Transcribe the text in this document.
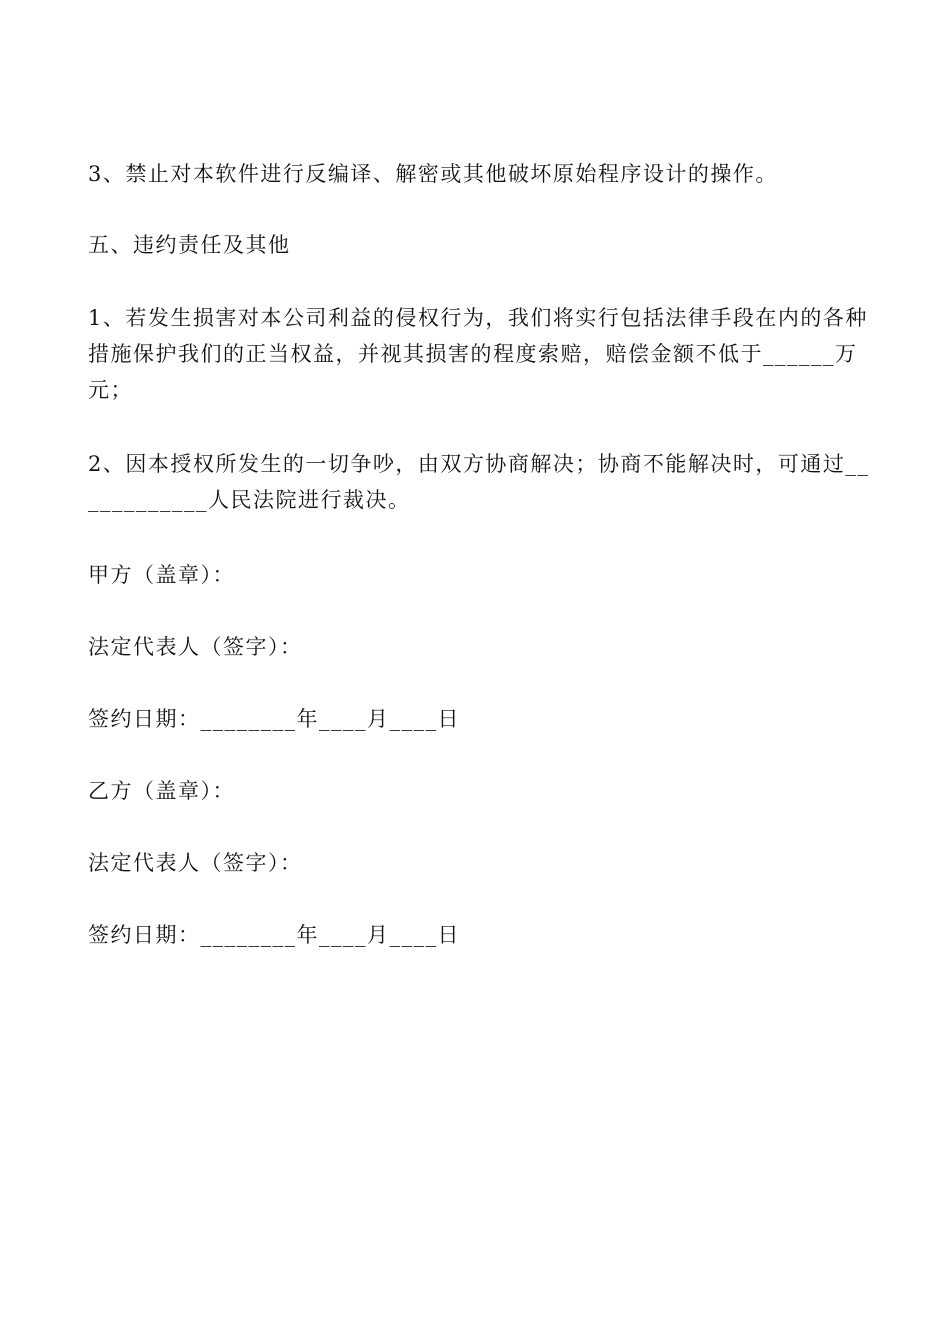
3、禁止对本软件进行反编译、解密或其他破坏原始程序设计的操作。
五、违约责任及其他
1、若发生损害对本公司利益的侵权行为，我们将实行包括法律手段在内的各种
措施保护我们的正当权益，并视其损害的程度索赔，赔偿金额不低于______万
元；
2、因本授权所发生的一切争吵，由双方协商解决；协商不能解决时，可通过__
__________人民法院进行裁决。
甲方（盖章）：
法定代表人（签字）：
签约日期：________年____月____日
乙方（盖章）：
法定代表人（签字）：
签约日期：________年____月____日
